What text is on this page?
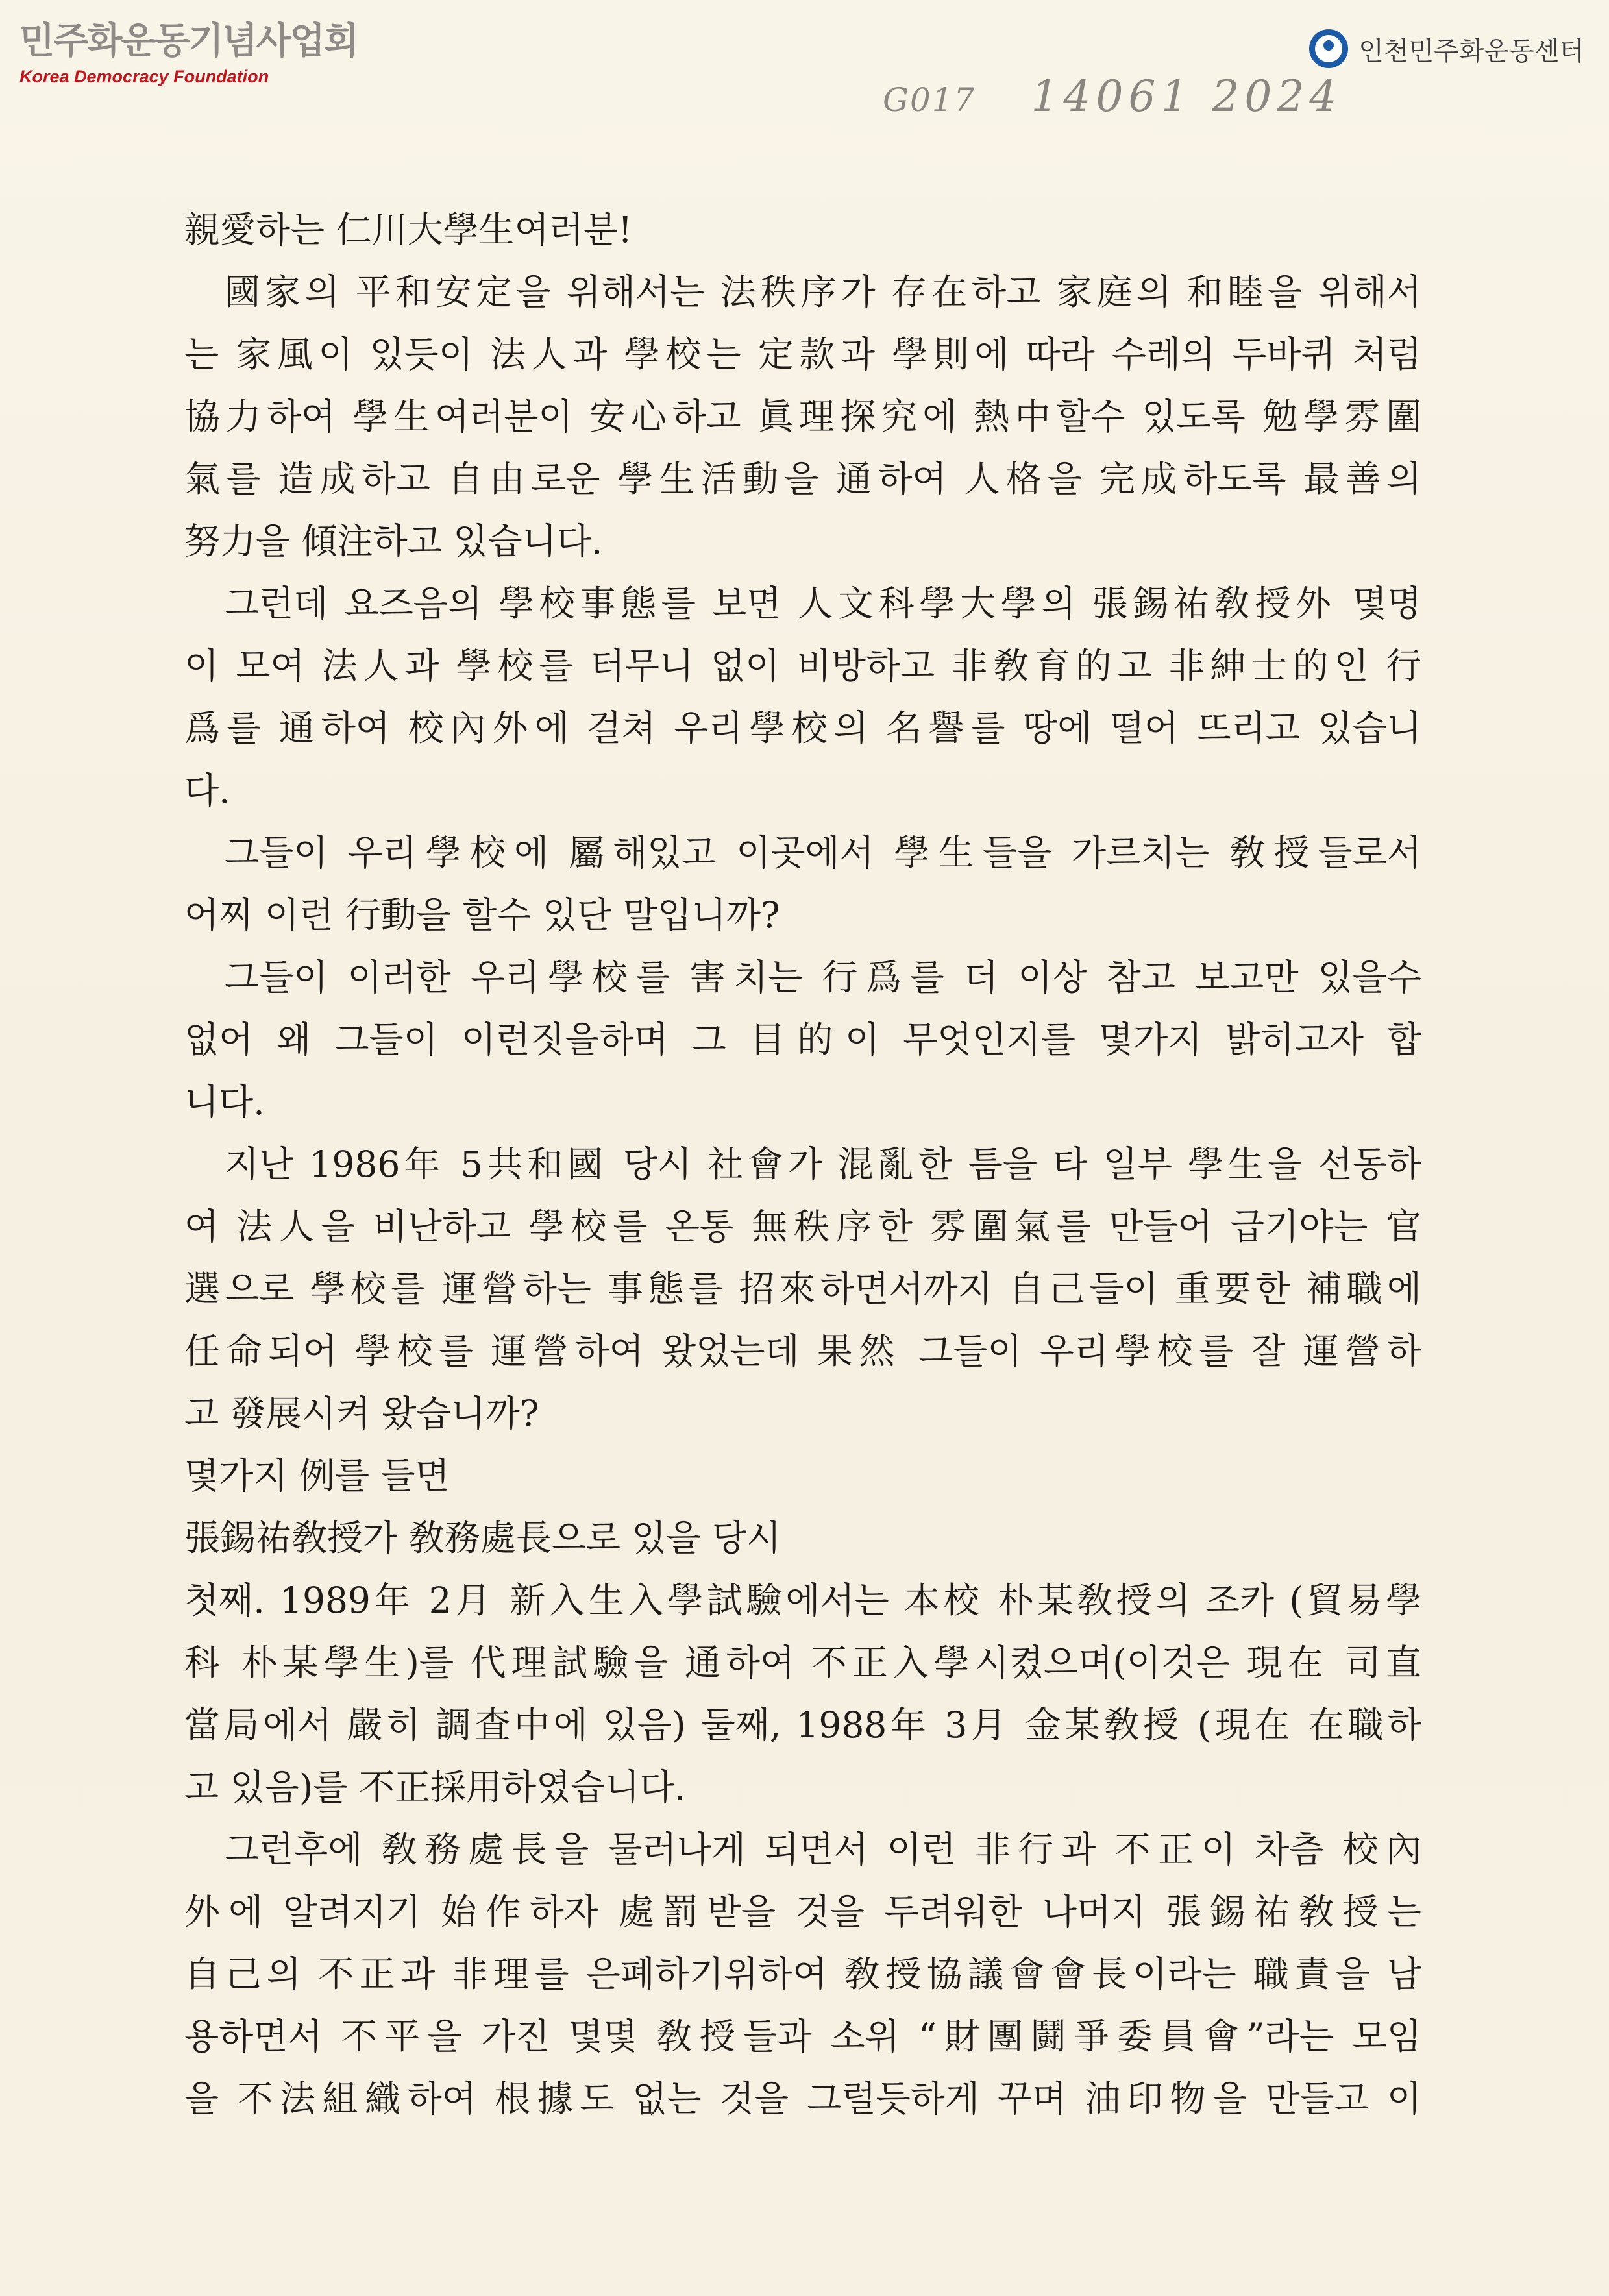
민주화운동기념사업회
Korea Democracy Foundation
인천민주화운동센터
G017 14061 2024
親愛하는 仁川大學生여러분!
國家의 平和安定을 위해서는 法秩序가 存在하고 家庭의 和睦을 위해서
는 家風이 있듯이 法人과 學校는 定款과 學則에 따라 수레의 두바퀴 처럼
協力하여 學生여러분이 安心하고 眞理探究에 熱中할수 있도록 勉學雰圍
氣를 造成하고 自由로운 學生活動을 通하여 人格을 完成하도록 最善의
努力을 傾注하고 있습니다.
그런데 요즈음의 學校事態를 보면 人文科學大學의 張錫祐敎授外 몇명
이 모여 法人과 學校를 터무니 없이 비방하고 非敎育的고 非紳士的인 行
爲를 通하여 校內外에 걸쳐 우리學校의 名譽를 땅에 떨어 뜨리고 있습니
다.
그들이 우리學校에 屬해있고 이곳에서 學生들을 가르치는 敎授들로서
어찌 이런 行動을 할수 있단 말입니까?
그들이 이러한 우리學校를 害치는 行爲를 더 이상 참고 보고만 있을수
없어 왜 그들이 이런짓을하며 그 目的이 무엇인지를 몇가지 밝히고자 합
니다.
지난 1986年 5共和國 당시 社會가 混亂한 틈을 타 일부 學生을 선동하
여 法人을 비난하고 學校를 온통 無秩序한 雰圍氣를 만들어 급기야는 官
選으로 學校를 運營하는 事態를 招來하면서까지 自己들이 重要한 補職에
任命되어 學校를 運營하여 왔었는데 果然 그들이 우리學校를 잘 運營하
고 發展시켜 왔습니까?
몇가지 例를 들면
張錫祐敎授가 敎務處長으로 있을 당시
첫째. 1989年 2月 新入生入學試驗에서는 本校 朴某敎授의 조카 (貿易學
科 朴某學生)를 代理試驗을 通하여 不正入學시켰으며(이것은 現在 司直
當局에서 嚴히 調査中에 있음) 둘째, 1988年 3月 金某敎授 (現在 在職하
고 있음)를 不正採用하였습니다.
그런후에 敎務處長을 물러나게 되면서 이런 非行과 不正이 차츰 校內
外에 알려지기 始作하자 處罰받을 것을 두려워한 나머지 張錫祐敎授는
自己의 不正과 非理를 은폐하기위하여 敎授協議會會長이라는 職責을 남
용하면서 不平을 가진 몇몇 敎授들과 소위 “財團鬪爭委員會”라는 모임
을 不法組織하여 根據도 없는 것을 그럴듯하게 꾸며 油印物을 만들고 이
